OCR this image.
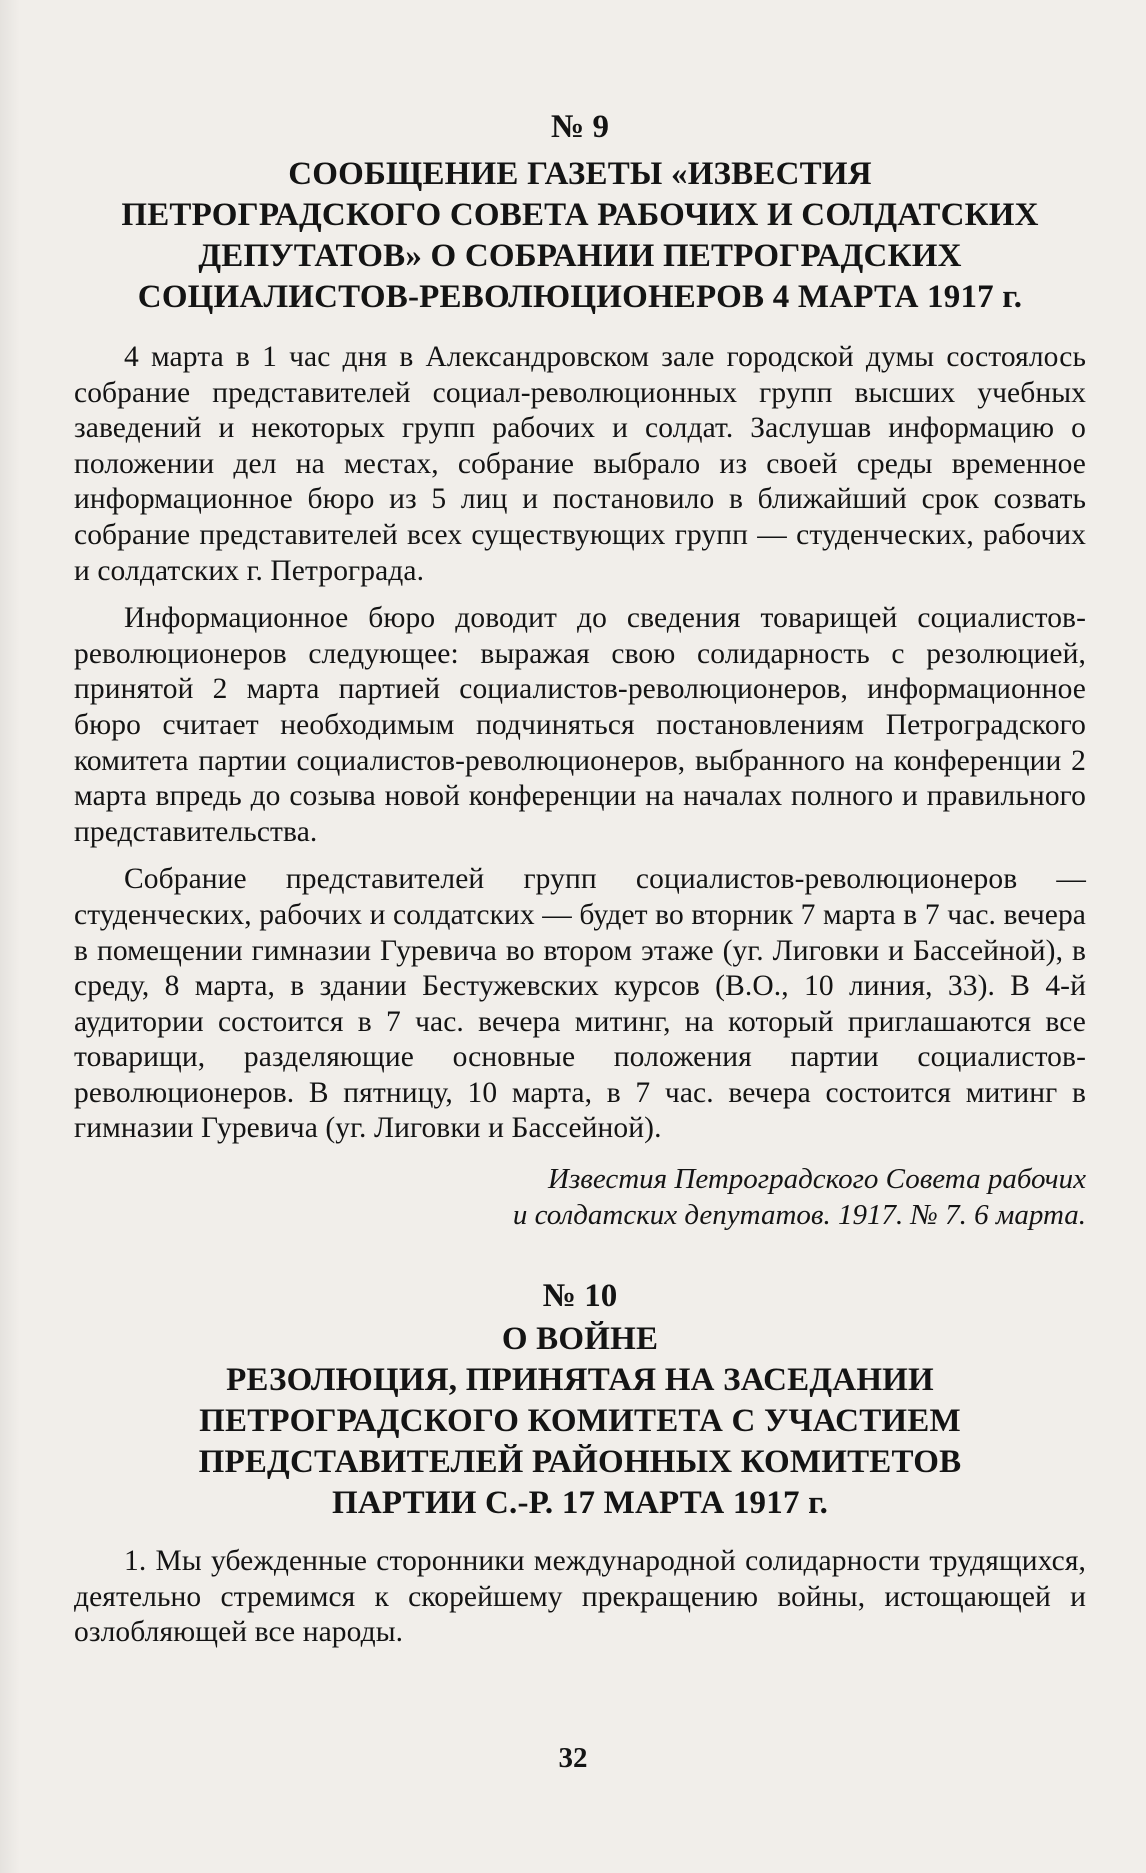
№ 9
СООБЩЕНИЕ ГАЗЕТЫ «ИЗВЕСТИЯ
ПЕТРОГРАДСКОГО СОВЕТА РАБОЧИХ И СОЛДАТСКИХ
ДЕПУТАТОВ» О СОБРАНИИ ПЕТРОГРАДСКИХ
СОЦИАЛИСТОВ-РЕВОЛЮЦИОНЕРОВ 4 МАРТА 1917 г.

4 марта в 1 час дня в Александровском зале городской думы состоялось собрание представителей социал-революционных групп высших учебных заведений и некоторых групп рабочих и солдат. Заслушав информацию о положении дел на местах, собрание выбрало из своей среды временное информационное бюро из 5 лиц и постановило в ближайший срок созвать собрание представителей всех существующих групп — студенческих, рабочих и солдатских г. Петрограда.

Информационное бюро доводит до сведения товарищей социалистов-революционеров следующее: выражая свою солидарность с резолюцией, принятой 2 марта партией социалистов-революционеров, информационное бюро считает необходимым подчиняться постановлениям Петроградского комитета партии социалистов-революционеров, выбранного на конференции 2 марта впредь до созыва новой конференции на началах полного и правильного представительства.

Собрание представителей групп социалистов-революционеров — студенческих, рабочих и солдатских — будет во вторник 7 марта в 7 час. вечера в помещении гимназии Гуревича во втором этаже (уг. Лиговки и Бассейной), в среду, 8 марта, в здании Бестужевских курсов (В.О., 10 линия, 33). В 4-й аудитории состоится в 7 час. вечера митинг, на который приглашаются все товарищи, разделяющие основные положения партии социалистов-революционеров. В пятницу, 10 марта, в 7 час. вечера состоится митинг в гимназии Гуревича (уг. Лиговки и Бассейной).

Известия Петроградского Совета рабочих
и солдатских депутатов. 1917. № 7. 6 марта.
№ 10
О ВОЙНЕ
РЕЗОЛЮЦИЯ, ПРИНЯТАЯ НА ЗАСЕДАНИИ
ПЕТРОГРАДСКОГО КОМИТЕТА С УЧАСТИЕМ
ПРЕДСТАВИТЕЛЕЙ РАЙОННЫХ КОМИТЕТОВ
ПАРТИИ С.-Р. 17 МАРТА 1917 г.

1. Мы убежденные сторонники международной солидарности трудящихся, деятельно стремимся к скорейшему прекращению войны, истощающей и озлобляющей все народы.

32
